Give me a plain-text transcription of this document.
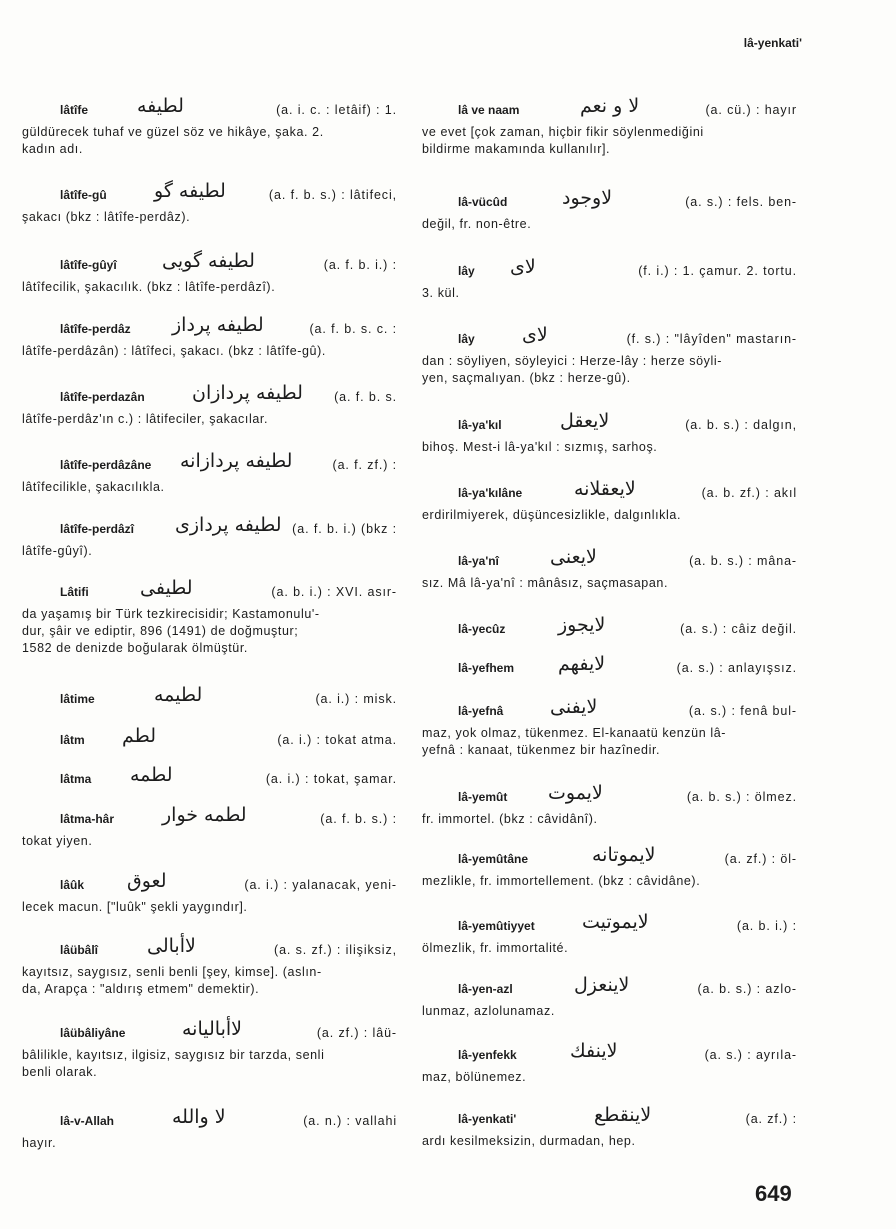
lâ-yenkati'
lâtîfe	لطيفه	(a. i. c. : letâif) : 1.
güldürecek tuhaf ve güzel söz ve hikâye, şaka. 2.
kadın adı.
lâtîfe-gû لطيفه گو	(a. f. b. s.) : lâtifeci,
şakacı (bkz : lâtîfe-perdâz).
lâtîfe-gûyî لطيفه گويى	(a. f. b. i.) :
lâtîfecilik, şakacılık. (bkz : lâtîfe-perdâzî).
lâtîfe-perdâz لطيفه پرداز	(a. f. b. s. c. :
lâtîfe-perdâzân) : lâtîfeci, şakacı. (bkz : lâtîfe-gû).
lâtîfe-perdazân لطيفه پردازان (a. f. b. s.
lâtîfe-perdâz'ın c.) : lâtifeciler, şakacılar.
lâtîfe-perdâzâne لطيفه پردازانه	(a. f. zf.) :
lâtîfecilikle, şakacılıkla.
lâtîfe-perdâzî لطيفه پردازى (a. f. b. i.) (bkz :
lâtîfe-gûyî).
Lâtifi	لطيفى	(a. b. i.) : XVI. asır-
da yaşamış bir Türk tezkirecisidir; Kastamonulu'-
dur, şâir ve ediptir, 896 (1491) de doğmuştur;
1582 de denizde boğularak ölmüştür.
lâtime	لطيمه	(a. i.) : misk.
lâtm لطم	(a. i.) : tokat atma.
lâtma لطمه	(a. i.) : tokat, şamar.
lâtma-hâr	لطمه خوار	(a. f. b. s.) :
tokat yiyen.
lâûk لعوق	(a. i.) : yalanacak, yeni-
lecek macun. ["luûk" şekli yaygındır].
lâübâlî	لاأبالى	(a. s. zf.) : ilişiksiz,
kayıtsız, saygısız, senli benli [şey, kimse]. (aslın-
da, Arapça : "aldırış etmem" demektir).
lâübâliyâne	لاأباليانه	(a. zf.) : lâü-
bâlilikle, kayıtsız, ilgisiz, saygısız bir tarzda, senli
benli olarak.
lâ-v-Allah	لا والله	(a. n.) : vallahi
hayır.
lâ ve naam	لا و نعم	(a. cü.) : hayır
ve evet [çok zaman, hiçbir fikir söylenmediğini
bildirme makamında kullanılır].
lâ-vücûd	لاوجود	(a. s.) : fels. ben-
değil, fr. non-être.
lây لاى	(f. i.) : 1. çamur. 2. tortu.
3. kül.
lây لاى	(f. s.) : "lâyîden" mastarın-
dan : söyliyen, söyleyici : Herze-lây : herze söyli-
yen, saçmalıyan. (bkz : herze-gû).
lâ-ya'kıl	لايعقل	(a. b. s.) : dalgın,
bihoş. Mest-i lâ-ya'kıl : sızmış, sarhoş.
lâ-ya'kılâne	لايعقلانه	(a. b. zf.) : akıl
erdirilmiyerek, düşüncesizlikle, dalgınlıkla.
lâ-ya'nî	لايعنى	(a. b. s.) : mâna-
sız. Mâ lâ-ya'nî : mânâsız, saçmasapan.
lâ-yecûz	لايجوز	(a. s.) : câiz değil.
lâ-yefhem لايفهم	(a. s.) : anlayışsız.
lâ-yefnâ لايفنى	(a. s.) : fenâ bul-
maz, yok olmaz, tükenmez. El-kanaatü kenzün lâ-
yefnâ : kanaat, tükenmez bir hazînedir.
lâ-yemût لايموت	(a. b. s.) : ölmez.
fr. immortel. (bkz : câvidânî).
lâ-yemûtâne	لايموتانه	(a. zf.) : öl-
mezlikle, fr. immortellement. (bkz : câvidâne).
lâ-yemûtiyyet لايموتيت	(a. b. i.) :
ölmezlik, fr. immortalité.
lâ-yen-azl	لاينعزل	(a. b. s.) : azlo-
lunmaz, azlolunamaz.
lâ-yenfekk	لاينفك	(a. s.) : ayrıla-
maz, bölünemez.
lâ-yenkati'	لاينقطع	(a. zf.) :
ardı kesilmeksizin, durmadan, hep.
649
